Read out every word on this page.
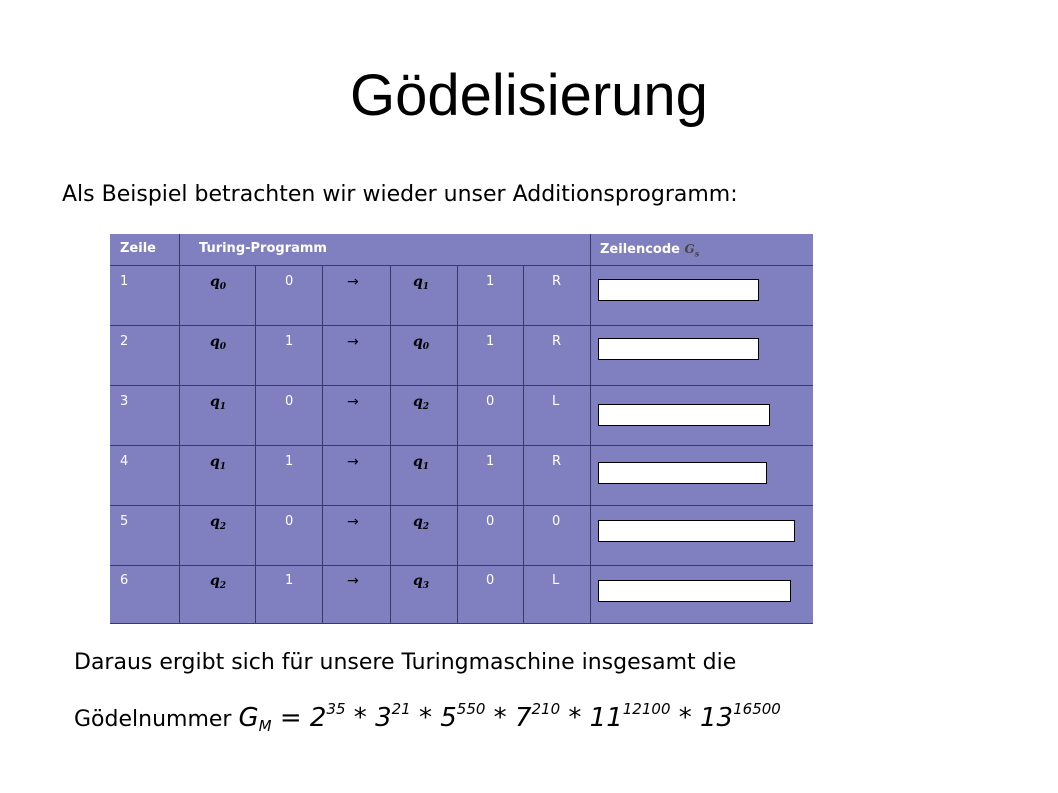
Gödelisierung
Als Beispiel betrachten wir wieder unser Additionsprogramm:
Zeile	Turing-Programm	Zeilencode $G_s$
1	$q_0$	0	→	$q_1$	1	R
2	$q_0$	1	→	$q_0$	1	R
3	$q_1$	0	→	$q_2$	0	L
4	$q_1$	1	→	$q_1$	1	R
5	$q_2$	0	→	$q_2$	0	0
6	$q_2$	1	→	$q_3$	0	L
Daraus ergibt sich für unsere Turingmaschine insgesamt die
Gödelnummer $G_M = 2^{35} * 3^{21} * 5^{550} * 7^{210} * 11^{12100} * 13^{16500}$
